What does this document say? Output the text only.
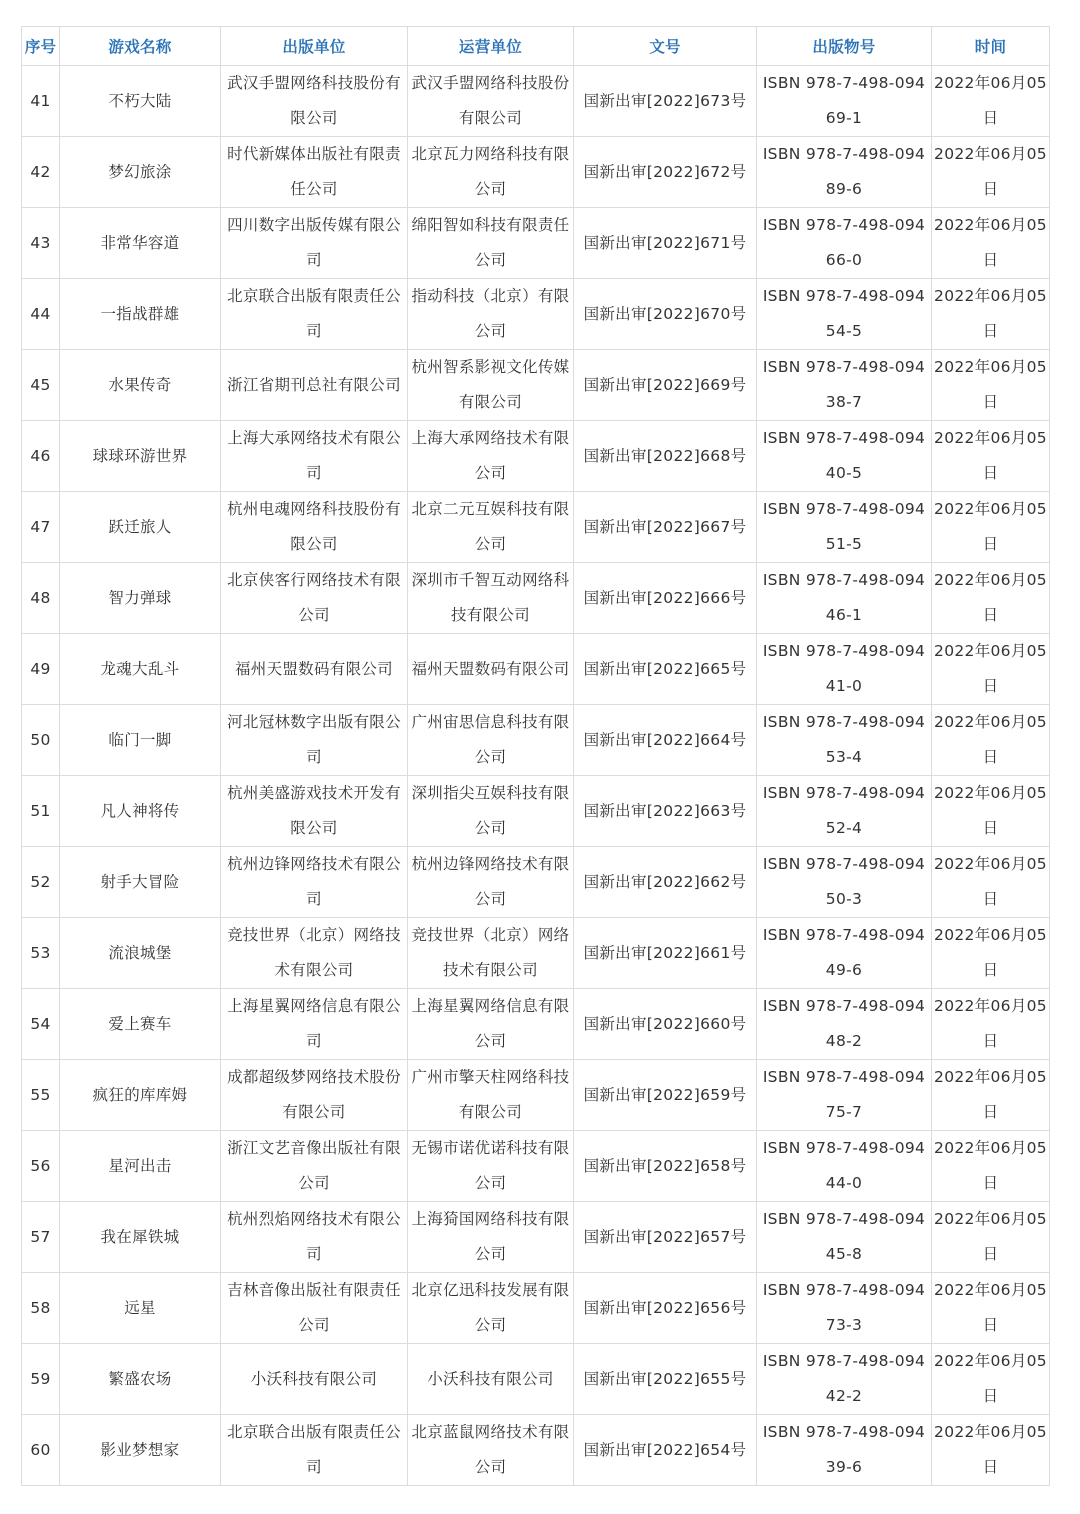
序号	游戏名称	出版单位	运营单位	文号	出版物号	时间
41	不朽大陆	武汉手盟网络科技股份有限公司	武汉手盟网络科技股份有限公司	国新出审[2022]673号	ISBN 978-7-498-09469-1	2022年06月05日
42	梦幻旅涂	时代新媒体出版社有限责任公司	北京瓦力网络科技有限公司	国新出审[2022]672号	ISBN 978-7-498-09489-6	2022年06月05日
43	非常华容道	四川数字出版传媒有限公司	绵阳智如科技有限责任公司	国新出审[2022]671号	ISBN 978-7-498-09466-0	2022年06月05日
44	一指战群雄	北京联合出版有限责任公司	指动科技（北京）有限公司	国新出审[2022]670号	ISBN 978-7-498-09454-5	2022年06月05日
45	水果传奇	浙江省期刊总社有限公司	杭州智系影视文化传媒有限公司	国新出审[2022]669号	ISBN 978-7-498-09438-7	2022年06月05日
46	球球环游世界	上海大承网络技术有限公司	上海大承网络技术有限公司	国新出审[2022]668号	ISBN 978-7-498-09440-5	2022年06月05日
47	跃迁旅人	杭州电魂网络科技股份有限公司	北京二元互娱科技有限公司	国新出审[2022]667号	ISBN 978-7-498-09451-5	2022年06月05日
48	智力弹球	北京侠客行网络技术有限公司	深圳市千智互动网络科技有限公司	国新出审[2022]666号	ISBN 978-7-498-09446-1	2022年06月05日
49	龙魂大乱斗	福州天盟数码有限公司	福州天盟数码有限公司	国新出审[2022]665号	ISBN 978-7-498-09441-0	2022年06月05日
50	临门一脚	河北冠林数字出版有限公司	广州宙思信息科技有限公司	国新出审[2022]664号	ISBN 978-7-498-09453-4	2022年06月05日
51	凡人神将传	杭州美盛游戏技术开发有限公司	深圳指尖互娱科技有限公司	国新出审[2022]663号	ISBN 978-7-498-09452-4	2022年06月05日
52	射手大冒险	杭州边锋网络技术有限公司	杭州边锋网络技术有限公司	国新出审[2022]662号	ISBN 978-7-498-09450-3	2022年06月05日
53	流浪城堡	竞技世界（北京）网络技术有限公司	竞技世界（北京）网络技术有限公司	国新出审[2022]661号	ISBN 978-7-498-09449-6	2022年06月05日
54	爱上赛车	上海星翼网络信息有限公司	上海星翼网络信息有限公司	国新出审[2022]660号	ISBN 978-7-498-09448-2	2022年06月05日
55	疯狂的库库姆	成都超级梦网络技术股份有限公司	广州市擎天柱网络科技有限公司	国新出审[2022]659号	ISBN 978-7-498-09475-7	2022年06月05日
56	星河出击	浙江文艺音像出版社有限公司	无锡市诺优诺科技有限公司	国新出审[2022]658号	ISBN 978-7-498-09444-0	2022年06月05日
57	我在犀铁城	杭州烈焰网络技术有限公司	上海猗国网络科技有限公司	国新出审[2022]657号	ISBN 978-7-498-09445-8	2022年06月05日
58	远星	吉林音像出版社有限责任公司	北京亿迅科技发展有限公司	国新出审[2022]656号	ISBN 978-7-498-09473-3	2022年06月05日
59	繁盛农场	小沃科技有限公司	小沃科技有限公司	国新出审[2022]655号	ISBN 978-7-498-09442-2	2022年06月05日
60	影业梦想家	北京联合出版有限责任公司	北京蓝鼠网络技术有限公司	国新出审[2022]654号	ISBN 978-7-498-09439-6	2022年06月05日
